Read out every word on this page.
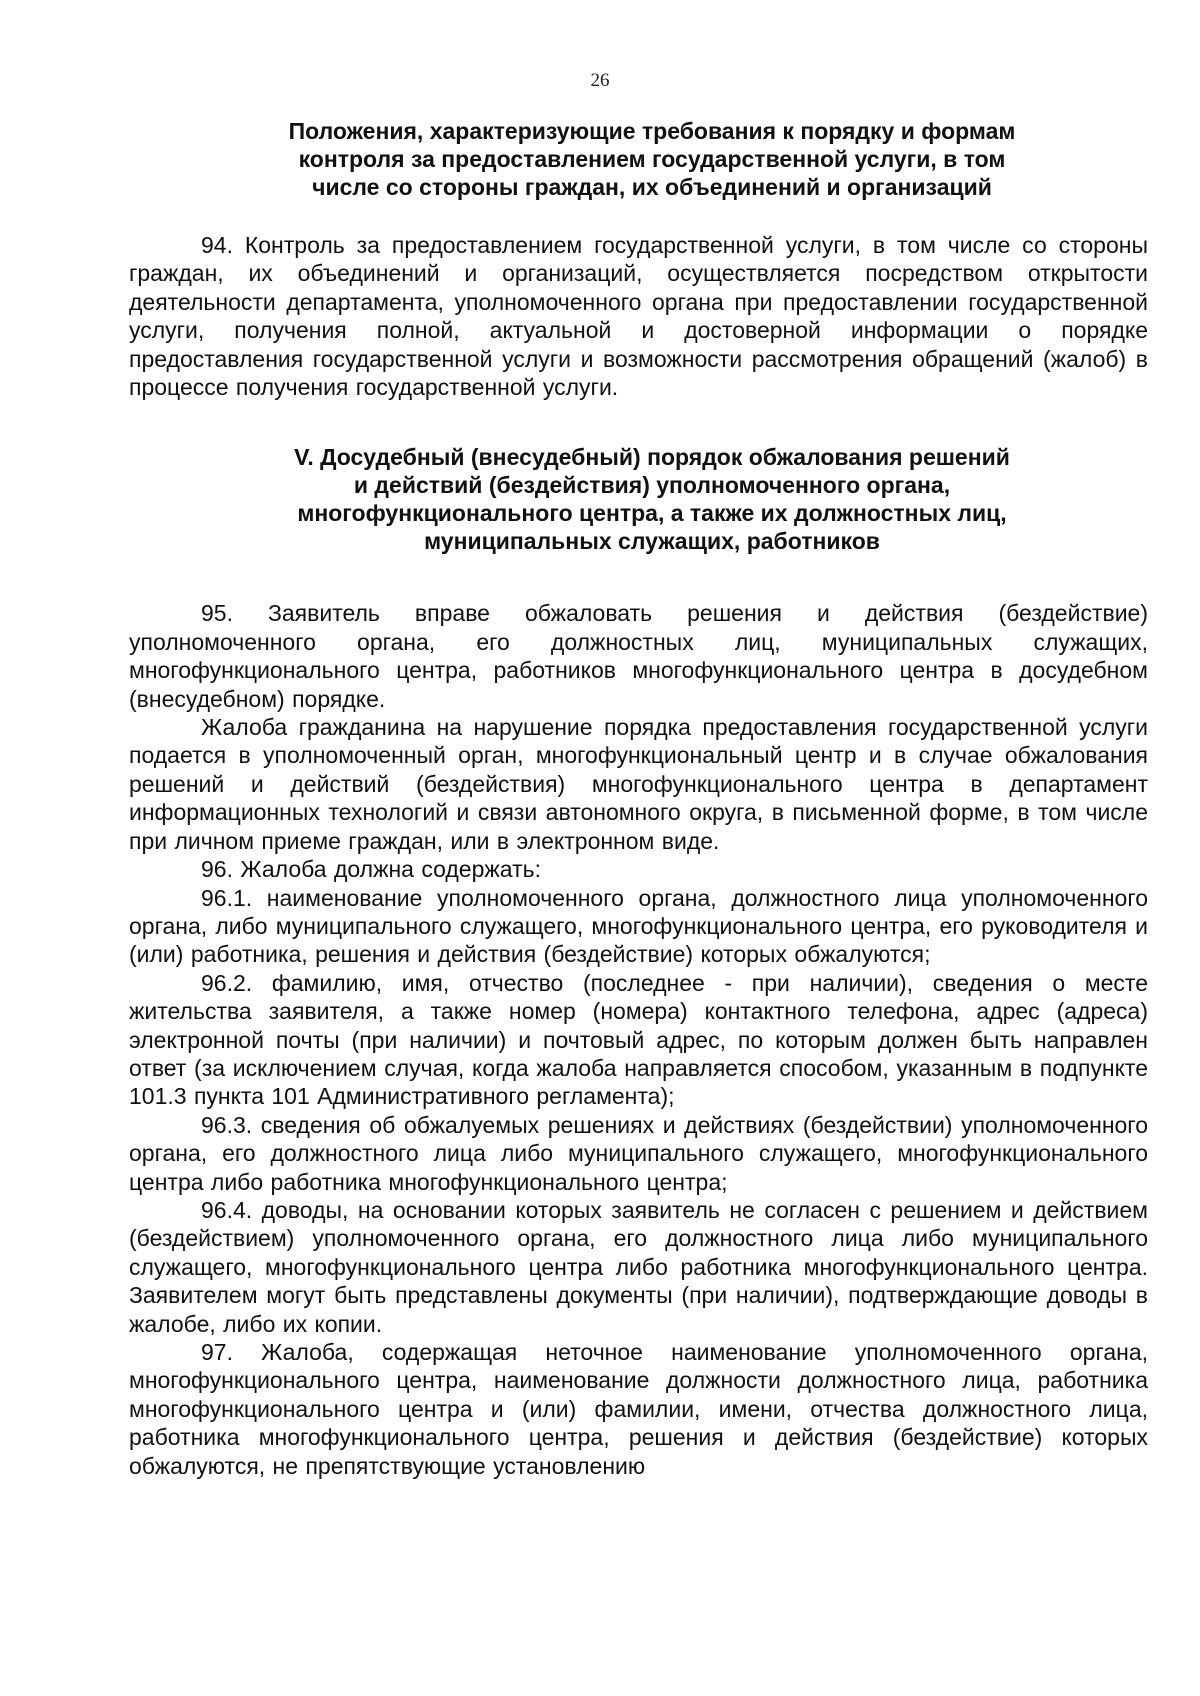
26
Положения, характеризующие требования к порядку и формам
контроля за предоставлением государственной услуги, в том
числе со стороны граждан, их объединений и организаций

94. Контроль за предоставлением государственной услуги, в том числе со стороны граждан, их объединений и организаций, осуществляется посредством открытости деятельности департамента, уполномоченного органа при предоставлении государственной услуги, получения полной, актуальной и достоверной информации о порядке предоставления государственной услуги и возможности рассмотрения обращений (жалоб) в процессе получения государственной услуги.

V. Досудебный (внесудебный) порядок обжалования решений
и действий (бездействия) уполномоченного органа,
многофункционального центра, а также их должностных лиц,
муниципальных служащих, работников

95. Заявитель вправе обжаловать решения и действия (бездействие) уполномоченного органа, его должностных лиц, муниципальных служащих, многофункционального центра, работников многофункционального центра в досудебном (внесудебном) порядке.

Жалоба гражданина на нарушение порядка предоставления государственной услуги подается в уполномоченный орган, многофункциональный центр и в случае обжалования решений и действий (бездействия) многофункционального центра в департамент информационных технологий и связи автономного округа, в письменной форме, в том числе при личном приеме граждан, или в электронном виде.

96. Жалоба должна содержать:

96.1. наименование уполномоченного органа, должностного лица уполномоченного органа, либо муниципального служащего, многофункционального центра, его руководителя и (или) работника, решения и действия (бездействие) которых обжалуются;

96.2. фамилию, имя, отчество (последнее - при наличии), сведения о месте жительства заявителя, а также номер (номера) контактного телефона, адрес (адреса) электронной почты (при наличии) и почтовый адрес, по которым должен быть направлен ответ (за исключением случая, когда жалоба направляется способом, указанным в подпункте 101.3 пункта 101 Административного регламента);

96.3. сведения об обжалуемых решениях и действиях (бездействии) уполномоченного органа, его должностного лица либо муниципального служащего, многофункционального центра либо работника многофункционального центра;

96.4. доводы, на основании которых заявитель не согласен с решением и действием (бездействием) уполномоченного органа, его должностного лица либо муниципального служащего, многофункционального центра либо работника многофункционального центра. Заявителем могут быть представлены документы (при наличии), подтверждающие доводы в жалобе, либо их копии.

97. Жалоба, содержащая неточное наименование уполномоченного органа, многофункционального центра, наименование должности должностного лица, работника многофункционального центра и (или) фамилии, имени, отчества должностного лица, работника многофункционального центра, решения и действия (бездействие) которых обжалуются, не препятствующие установлению
